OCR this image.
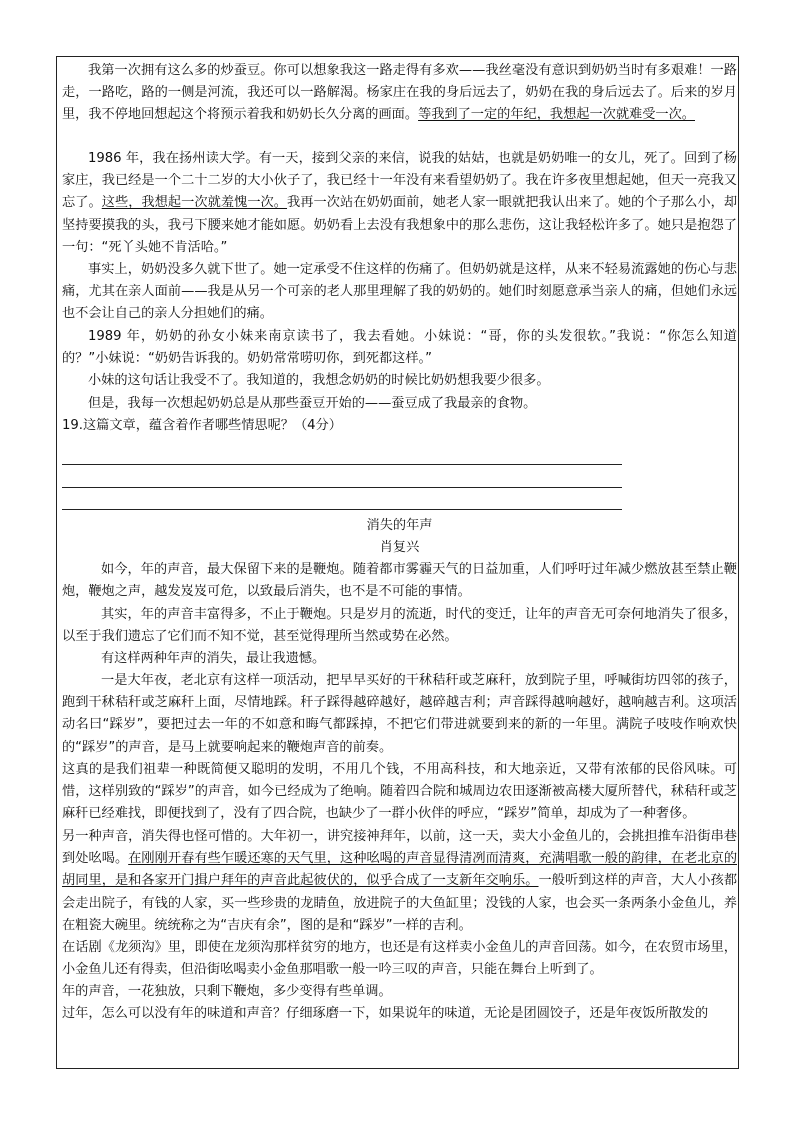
我第一次拥有这么多的炒蚕豆。你可以想象我这一路走得有多欢——我丝毫没有意识到奶奶当时有多艰难！一路走，一路吃，路的一侧是河流，我还可以一路解渴。杨家庄在我的身后远去了，奶奶在我的身后远去了。后来的岁月里，我不停地回想起这个将预示着我和奶奶长久分离的画面。等我到了一定的年纪，我想起一次就难受一次。
1986 年，我在扬州读大学。有一天，接到父亲的来信，说我的姑姑，也就是奶奶唯一的女儿，死了。回到了杨家庄，我已经是一个二十二岁的大小伙子了，我已经十一年没有来看望奶奶了。我在许多夜里想起她，但天一亮我又忘了。这些，我想起一次就羞愧一次。我再一次站在奶奶面前，她老人家一眼就把我认出来了。她的个子那么小，却坚持要摸我的头，我弓下腰来她才能如愿。奶奶看上去没有我想象中的那么悲伤，这让我轻松许多了。她只是抱怨了一句：“死丫头她不肯活哈。”
事实上，奶奶没多久就下世了。她一定承受不住这样的伤痛了。但奶奶就是这样，从来不轻易流露她的伤心与悲痛，尤其在亲人面前——我是从另一个可亲的老人那里理解了我的奶奶的。她们时刻愿意承当亲人的痛，但她们永远也不会让自己的亲人分担她们的痛。
1989 年，奶奶的孙女小妹来南京读书了，我去看她。小妹说：“哥，你的头发很软。”我说：“你怎么知道的？”小妹说：“奶奶告诉我的。奶奶常常唠叨你，到死都这样。”
小妹的这句话让我受不了。我知道的，我想念奶奶的时候比奶奶想我要少很多。
但是，我每一次想起奶奶总是从那些蚕豆开始的——蚕豆成了我最亲的食物。
19.这篇文章，蕴含着作者哪些情思呢？（4分）
消失的年声
肖复兴
如今，年的声音，最大保留下来的是鞭炮。随着都市雾霾天气的日益加重，人们呼吁过年减少燃放甚至禁止鞭炮，鞭炮之声，越发岌岌可危，以致最后消失，也不是不可能的事情。
其实，年的声音丰富得多，不止于鞭炮。只是岁月的流逝，时代的变迁，让年的声音无可奈何地消失了很多，以至于我们遗忘了它们而不知不觉，甚至觉得理所当然或势在必然。
有这样两种年声的消失，最让我遗憾。
一是大年夜，老北京有这样一项活动，把早早买好的干秫秸秆或芝麻秆，放到院子里，呼喊街坊四邻的孩子，跑到干秫秸秆或芝麻秆上面，尽情地踩。秆子踩得越碎越好，越碎越吉利；声音踩得越响越好，越响越吉利。这项活动名曰“踩岁”，要把过去一年的不如意和晦气都踩掉，不把它们带进就要到来的新的一年里。满院子吱吱作响欢快的“踩岁”的声音，是马上就要响起来的鞭炮声音的前奏。
这真的是我们祖辈一种既简便又聪明的发明，不用几个钱，不用高科技，和大地亲近，又带有浓郁的民俗风味。可惜，这样别致的“踩岁”的声音，如今已经成为了绝响。随着四合院和城周边农田逐渐被高楼大厦所替代，秫秸秆或芝麻秆已经难找，即便找到了，没有了四合院，也缺少了一群小伙伴的呼应，“踩岁”简单，却成为了一种奢侈。
另一种声音，消失得也怪可惜的。大年初一，讲究接神拜年，以前，这一天，卖大小金鱼儿的，会挑担推车沿街串巷到处吆喝。在刚刚开春有些乍暖还寒的天气里，这种吆喝的声音显得清冽而清爽，充满唱歌一般的韵律，在老北京的胡同里，是和各家开门揖户拜年的声音此起彼伏的，似乎合成了一支新年交响乐。一般听到这样的声音，大人小孩都会走出院子，有钱的人家，买一些珍贵的龙睛鱼，放进院子的大鱼缸里；没钱的人家，也会买一条两条小金鱼儿，养在粗瓷大碗里。统统称之为“吉庆有余”，图的是和“踩岁”一样的吉利。
在话剧《龙须沟》里，即使在龙须沟那样贫穷的地方，也还是有这样卖小金鱼儿的声音回荡。如今，在农贸市场里，小金鱼儿还有得卖，但沿街吆喝卖小金鱼那唱歌一般一吟三叹的声音，只能在舞台上听到了。
年的声音，一花独放，只剩下鞭炮，多少变得有些单调。
过年，怎么可以没有年的味道和声音？仔细琢磨一下，如果说年的味道，无论是团圆饺子，还是年夜饭所散发的
